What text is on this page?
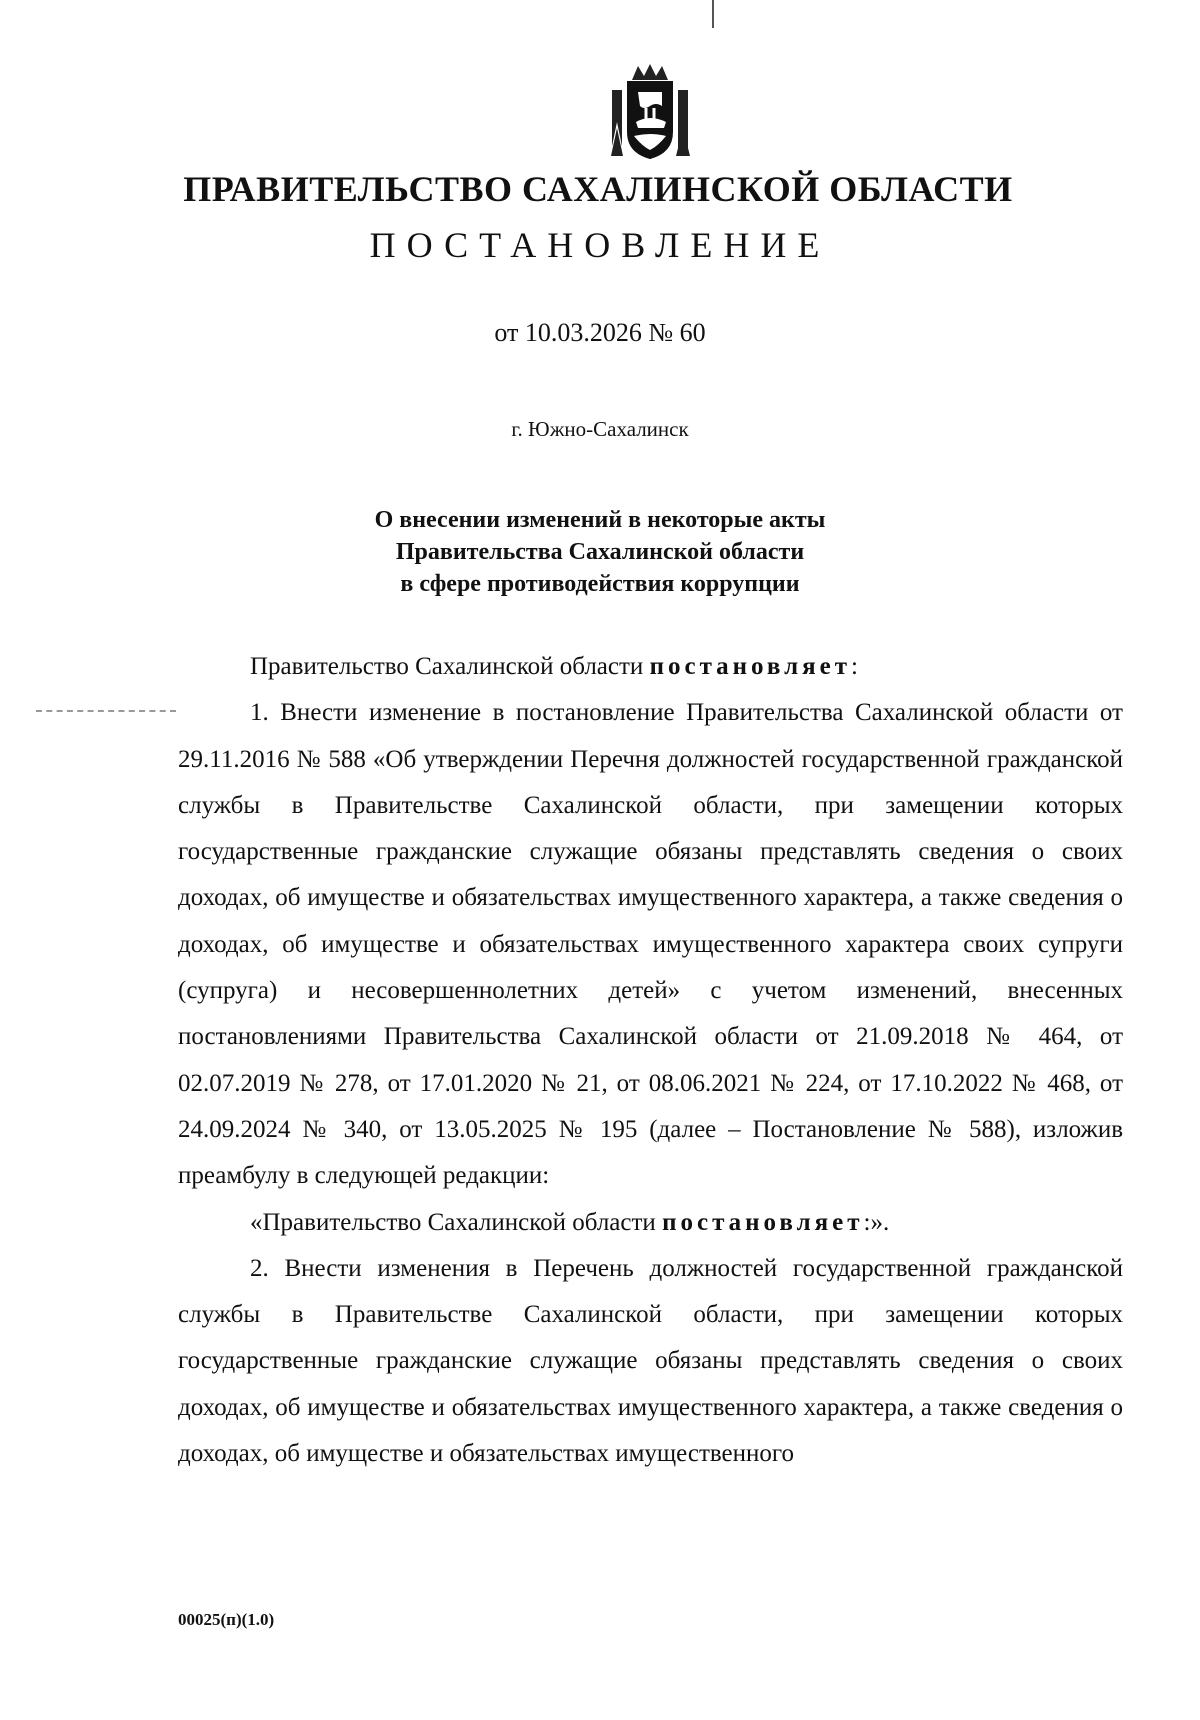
ПРАВИТЕЛЬСТВО САХАЛИНСКОЙ ОБЛАСТИ
ПОСТАНОВЛЕНИЕ
от 10.03.2026 № 60
г. Южно-Сахалинск
О внесении изменений в некоторые акты
Правительства Сахалинской области
в сфере противодействия коррупции

Правительство Сахалинской области постановляет:

1. Внести изменение в постановление Правительства Сахалинской области от 29.11.2016 № 588 «Об утверждении Перечня должностей государственной гражданской службы в Правительстве Сахалинской области, при замещении которых государственные гражданские служащие обязаны представлять сведения о своих доходах, об имуществе и обязательствах имущественного характера, а также сведения о доходах, об имуществе и обязательствах имущественного характера своих супруги (супруга) и несовершеннолетних детей» с учетом изменений, внесенных постановлениями Правительства Сахалинской области от 21.09.2018 № 464, от 02.07.2019 № 278, от 17.01.2020 № 21, от 08.06.2021 № 224, от 17.10.2022 № 468, от 24.09.2024 № 340, от 13.05.2025 № 195 (далее – Постановление № 588), изложив преамбулу в следующей редакции:

«Правительство Сахалинской области постановляет:».

2. Внести изменения в Перечень должностей государственной гражданской службы в Правительстве Сахалинской области, при замещении которых государственные гражданские служащие обязаны представлять сведения о своих доходах, об имуществе и обязательствах имущественного характера, а также сведения о доходах, об имуществе и обязательствах имущественного

00025(п)(1.0)
